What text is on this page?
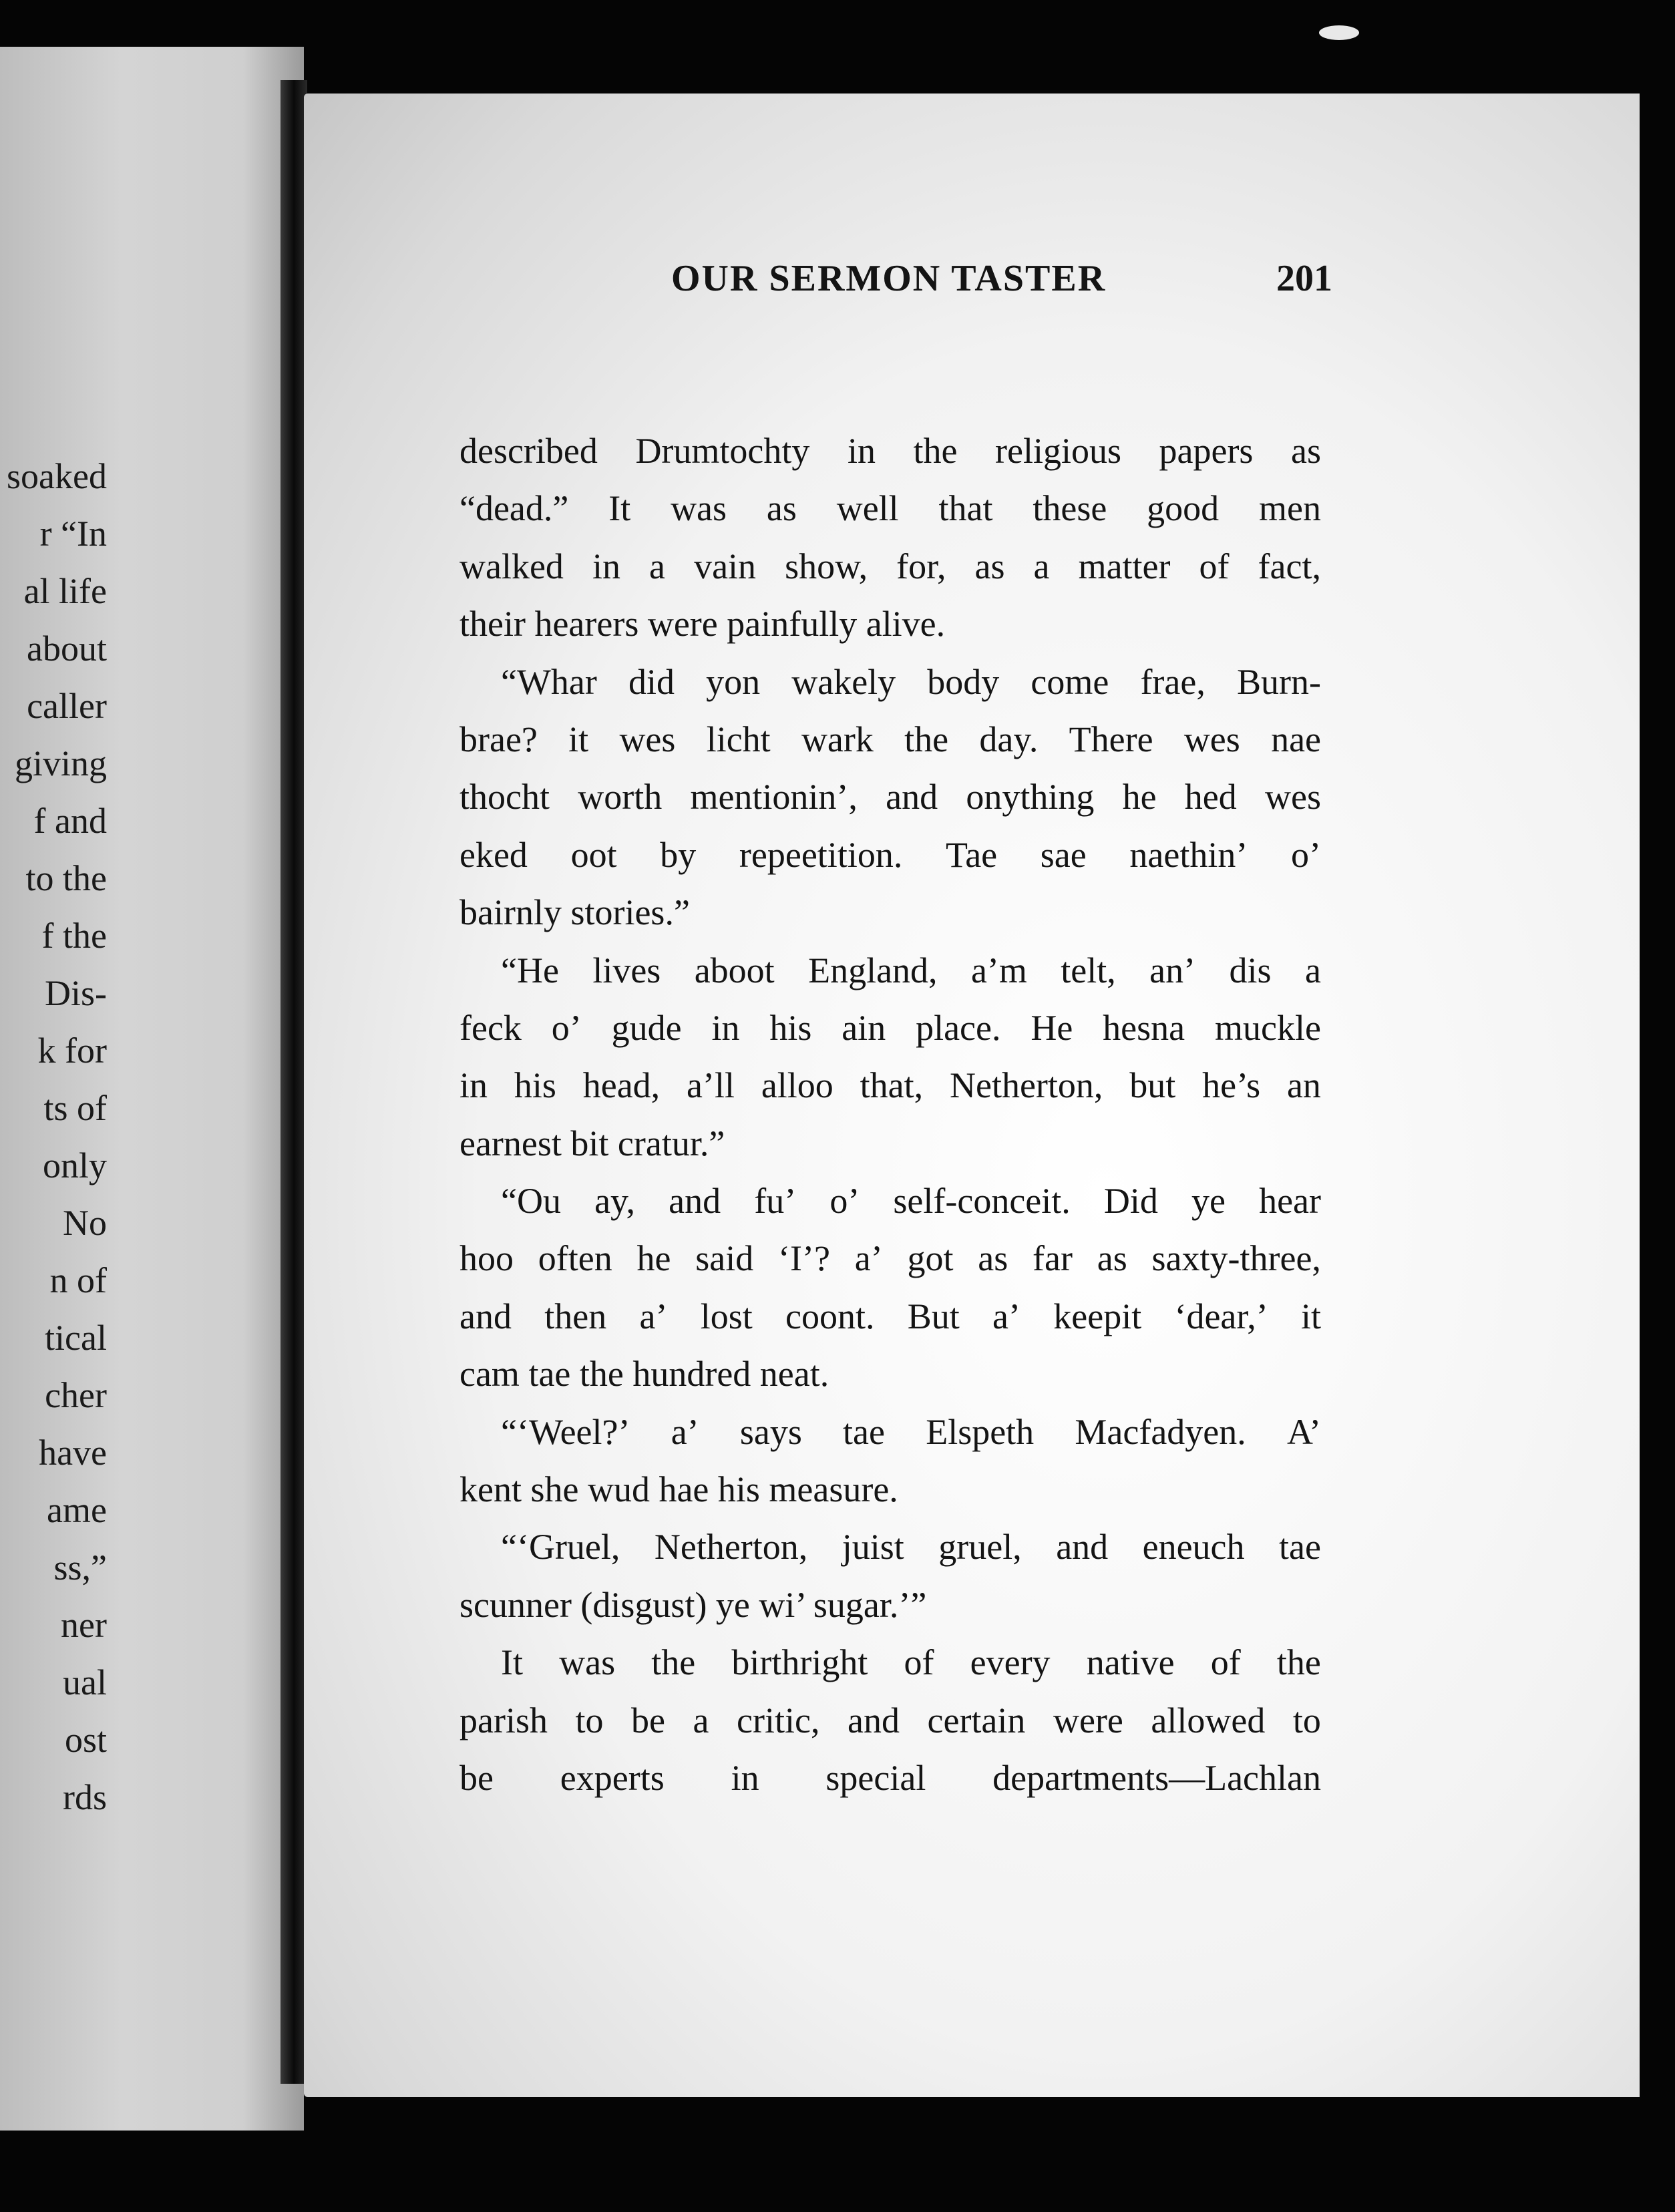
soaked
r “In
al life
about
caller
giving
f and
to the
f the
Dis-
k for
ts of
only
No
n of
tical
cher
have
ame
ss,”
ner
ual
ost
rds
OUR SERMON TASTER	201
described Drumtochty in the religious papers as
“dead.” It was as well that these good men
walked in a vain show, for, as a matter of fact,
their hearers were painfully alive.
“Whar did yon wakely body come frae, Burn-
brae? it wes licht wark the day. There wes nae
thocht worth mentionin’, and onything he hed wes
eked oot by repeetition. Tae sae naethin’ o’
bairnly stories.”
“He lives aboot England, a’m telt, an’ dis a
feck o’ gude in his ain place. He hesna muckle
in his head, a’ll alloo that, Netherton, but he’s an
earnest bit cratur.”
“Ou ay, and fu’ o’ self-conceit. Did ye hear
hoo often he said ‘I’? a’ got as far as saxty-three,
and then a’ lost coont. But a’ keepit ‘dear,’ it
cam tae the hundred neat.
“‘Weel?’ a’ says tae Elspeth Macfadyen. A’
kent she wud hae his measure.
“‘Gruel, Netherton, juist gruel, and eneuch tae
scunner (disgust) ye wi’ sugar.’”
It was the birthright of every native of the
parish to be a critic, and certain were allowed to
be experts in special departments—Lachlan
